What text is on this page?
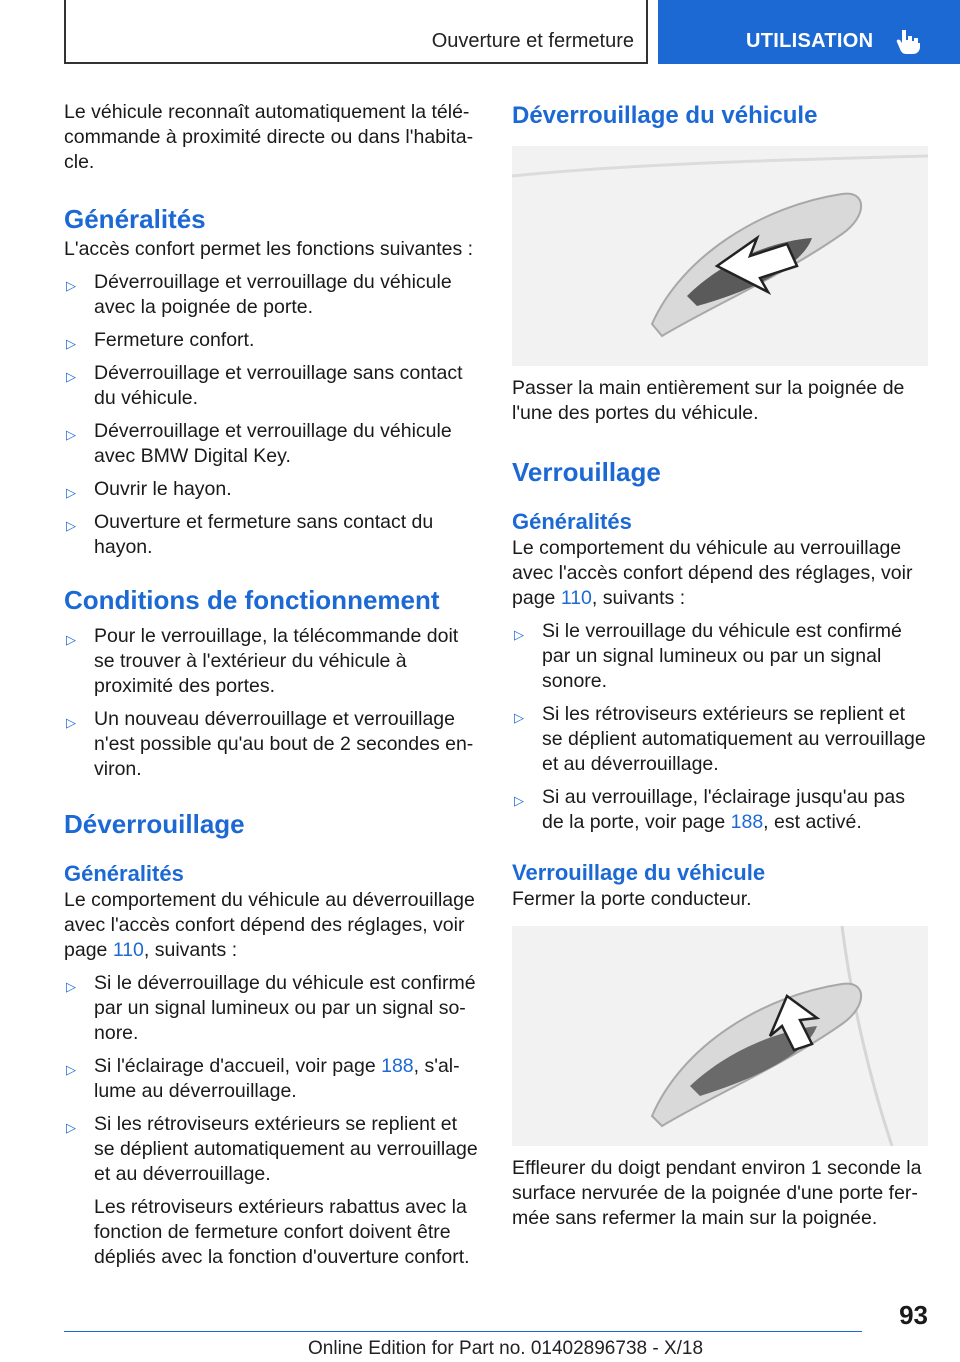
Ouverture et fermeture	UTILISATION

Le véhicule reconnaît automatiquement la télé-commande à proximité directe ou dans l'habita-cle.

Généralités

L'accès confort permet les fonctions suivantes :

▷ Déverrouillage et verrouillage du véhicule avec la poignée de porte.
▷ Fermeture confort.
▷ Déverrouillage et verrouillage sans contact du véhicule.
▷ Déverrouillage et verrouillage du véhicule avec BMW Digital Key.
▷ Ouvrir le hayon.
▷ Ouverture et fermeture sans contact du hayon.
Conditions de fonctionnement
▷ Pour le verrouillage, la télécommande doit se trouver à l'extérieur du véhicule à proximité des portes.
▷ Un nouveau déverrouillage et verrouillage n'est possible qu'au bout de 2 secondes en-viron.
Déverrouillage
Généralités

Le comportement du véhicule au déverrouillage avec l'accès confort dépend des réglages, voir page 110, suivants :

▷ Si le déverrouillage du véhicule est confirmé par un signal lumineux ou par un signal so-nore.
▷ Si l'éclairage d'accueil, voir page 188, s'al-lume au déverrouillage.
▷ Si les rétroviseurs extérieurs se replient et se déplient automatiquement au verrouillage et au déverrouillage.

Les rétroviseurs extérieurs rabattus avec la fonction de fermeture confort doivent être dépliés avec la fonction d'ouverture confort.

Déverrouillage du véhicule

Passer la main entièrement sur la poignée de l'une des portes du véhicule.

Verrouillage
Généralités

Le comportement du véhicule au verrouillage avec l'accès confort dépend des réglages, voir page 110, suivants :

▷ Si le verrouillage du véhicule est confirmé par un signal lumineux ou par un signal sonore.
▷ Si les rétroviseurs extérieurs se replient et se déplient automatiquement au verrouillage et au déverrouillage.
▷ Si au verrouillage, l'éclairage jusqu'au pas de la porte, voir page 188, est activé.
Verrouillage du véhicule

Fermer la porte conducteur.

Effleurer du doigt pendant environ 1 seconde la surface nervurée de la poignée d'une porte fer-mée sans refermer la main sur la poignée.

93
Online Edition for Part no. 01402896738 - X/18
